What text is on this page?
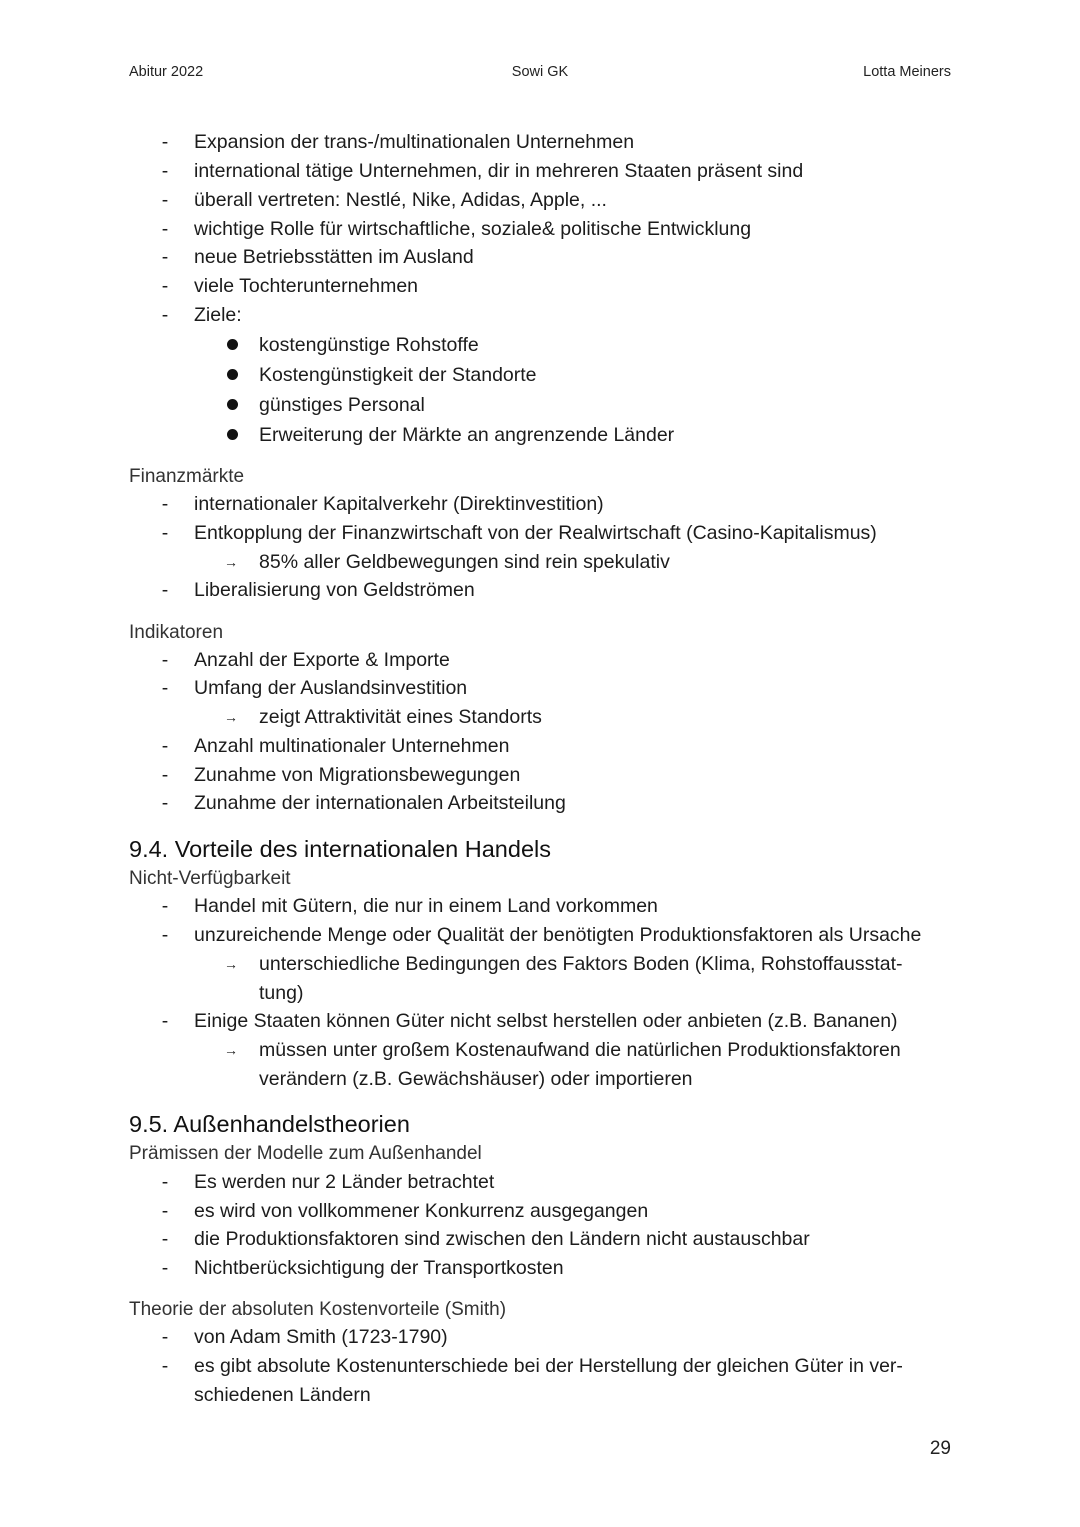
Abitur 2022	Sowi GK	Lotta Meiners
- Expansion der trans-/multinationalen Unternehmen
- international tätige Unternehmen, dir in mehreren Staaten präsent sind
- überall vertreten: Nestlé, Nike, Adidas, Apple, ...
- wichtige Rolle für wirtschaftliche, soziale& politische Entwicklung
- neue Betriebsstätten im Ausland
- viele Tochterunternehmen
- Ziele:
kostengünstige Rohstoffe
Kostengünstigkeit der Standorte
günstiges Personal
Erweiterung der Märkte an angrenzende Länder
Finanzmärkte
- internationaler Kapitalverkehr (Direktinvestition)
- Entkopplung der Finanzwirtschaft von der Realwirtschaft (Casino-Kapitalismus)
→ 85% aller Geldbewegungen sind rein spekulativ
- Liberalisierung von Geldströmen
Indikatoren
- Anzahl der Exporte & Importe
- Umfang der Auslandsinvestition
→ zeigt Attraktivität eines Standorts
- Anzahl multinationaler Unternehmen
- Zunahme von Migrationsbewegungen
- Zunahme der internationalen Arbeitsteilung
9.4. Vorteile des internationalen Handels
Nicht-Verfügbarkeit
- Handel mit Gütern, die nur in einem Land vorkommen
- unzureichende Menge oder Qualität der benötigten Produktionsfaktoren als Ursache
→ unterschiedliche Bedingungen des Faktors Boden (Klima, Rohstoffausstat-
tung)
- Einige Staaten können Güter nicht selbst herstellen oder anbieten (z.B. Bananen)
→ müssen unter großem Kostenaufwand die natürlichen Produktionsfaktoren
verändern (z.B. Gewächshäuser) oder importieren
9.5. Außenhandelstheorien
Prämissen der Modelle zum Außenhandel
- Es werden nur 2 Länder betrachtet
- es wird von vollkommener Konkurrenz ausgegangen
- die Produktionsfaktoren sind zwischen den Ländern nicht austauschbar
- Nichtberücksichtigung der Transportkosten
Theorie der absoluten Kostenvorteile (Smith)
- von Adam Smith (1723-1790)
- es gibt absolute Kostenunterschiede bei der Herstellung der gleichen Güter in ver-
schiedenen Ländern
29
